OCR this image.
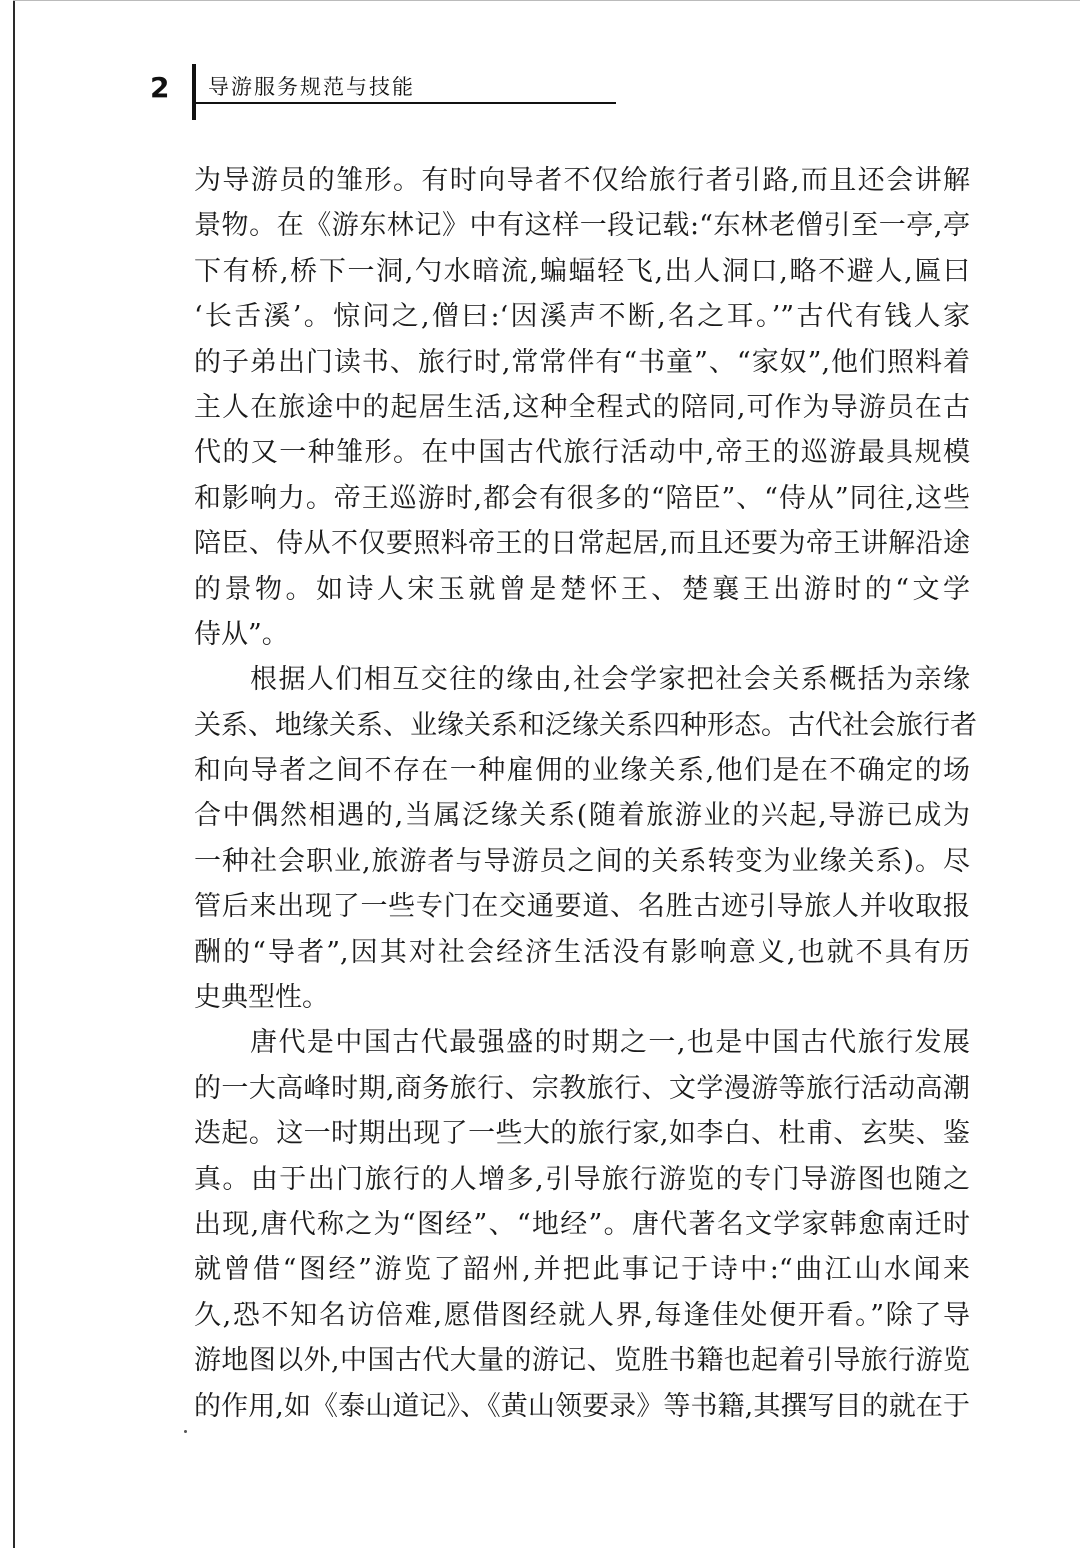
2 导游服务规范与技能
为导游员的雏形。有时向导者不仅给旅行者引路,而且还会讲解
景物。在《游东林记》中有这样一段记载:“东林老僧引至一亭,亭
下有桥,桥下一洞,勺水暗流,蝙蝠轻飞,出人洞口,略不避人,匾曰
‘长舌溪’。惊问之,僧曰:‘因溪声不断,名之耳。’”古代有钱人家
的子弟出门读书、旅行时,常常伴有“书童”、“家奴”,他们照料着
主人在旅途中的起居生活,这种全程式的陪同,可作为导游员在古
代的又一种雏形。在中国古代旅行活动中,帝王的巡游最具规模
和影响力。帝王巡游时,都会有很多的“陪臣”、“侍从”同往,这些
陪臣、侍从不仅要照料帝王的日常起居,而且还要为帝王讲解沿途
的景物。如诗人宋玉就曾是楚怀王、楚襄王出游时的“文学
侍从”。
根据人们相互交往的缘由,社会学家把社会关系概括为亲缘
关系、地缘关系、业缘关系和泛缘关系四种形态。古代社会旅行者
和向导者之间不存在一种雇佣的业缘关系,他们是在不确定的场
合中偶然相遇的,当属泛缘关系(随着旅游业的兴起,导游已成为
一种社会职业,旅游者与导游员之间的关系转变为业缘关系)。尽
管后来出现了一些专门在交通要道、名胜古迹引导旅人并收取报
酬的“导者”,因其对社会经济生活没有影响意义,也就不具有历
史典型性。
唐代是中国古代最强盛的时期之一,也是中国古代旅行发展
的一大高峰时期,商务旅行、宗教旅行、文学漫游等旅行活动高潮
迭起。这一时期出现了一些大的旅行家,如李白、杜甫、玄奘、鉴
真。由于出门旅行的人增多,引导旅行游览的专门导游图也随之
出现,唐代称之为“图经”、“地经”。唐代著名文学家韩愈南迁时
就曾借“图经”游览了韶州,并把此事记于诗中:“曲江山水闻来
久,恐不知名访倍难,愿借图经就人界,每逢佳处便开看。”除了导
游地图以外,中国古代大量的游记、览胜书籍也起着引导旅行游览
的作用,如《泰山道记》、《黄山领要录》等书籍,其撰写目的就在于
